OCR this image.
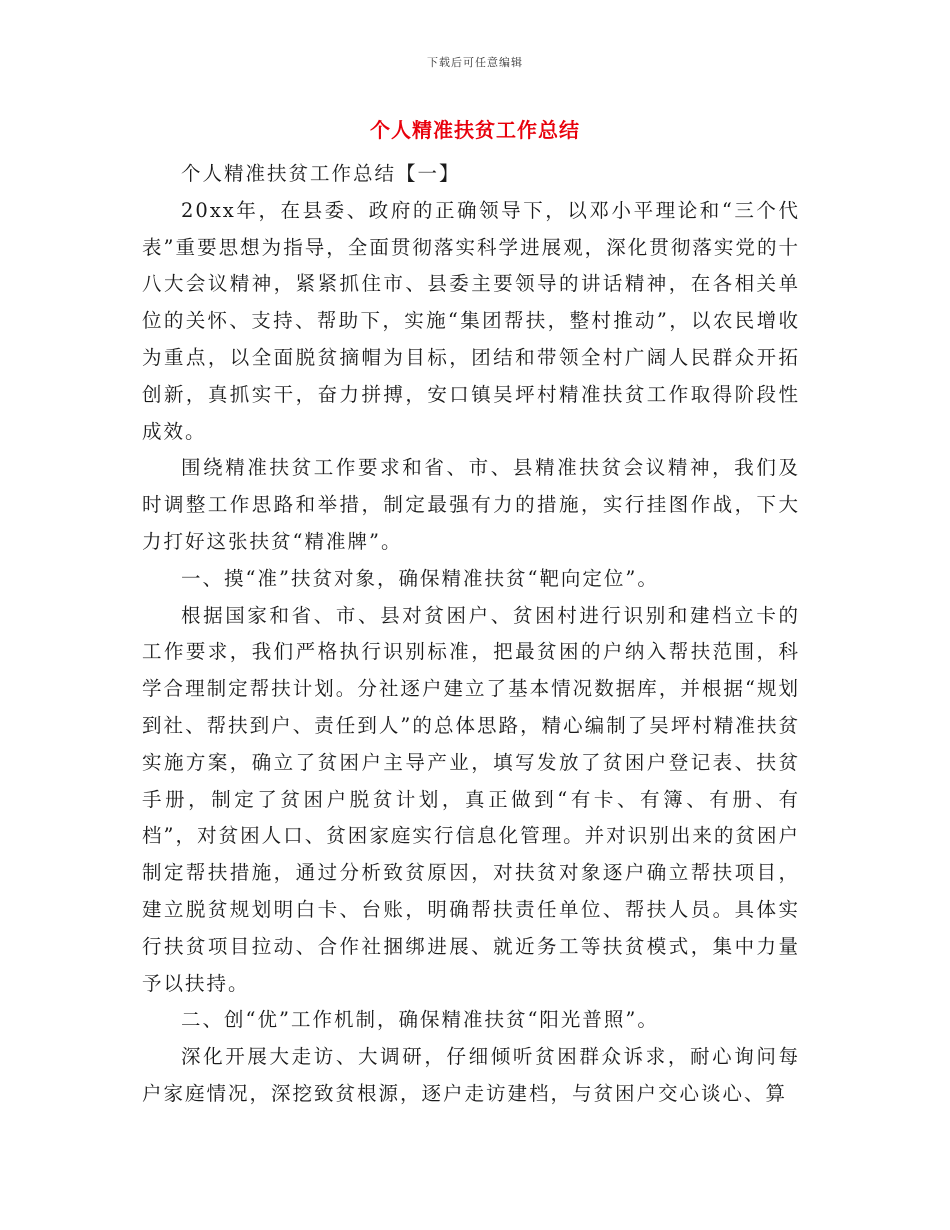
下载后可任意编辑
个人精准扶贫工作总结

个人精准扶贫工作总结【一】

20xx年，在县委、政府的正确领导下，以邓小平理论和“三个代表”重要思想为指导，全面贯彻落实科学进展观，深化贯彻落实党的十八大会议精神，紧紧抓住市、县委主要领导的讲话精神，在各相关单位的关怀、支持、帮助下，实施“集团帮扶，整村推动”，以农民增收为重点，以全面脱贫摘帽为目标，团结和带领全村广阔人民群众开拓创新，真抓实干，奋力拼搏，安口镇吴坪村精准扶贫工作取得阶段性成效。

围绕精准扶贫工作要求和省、市、县精准扶贫会议精神，我们及时调整工作思路和举措，制定最强有力的措施，实行挂图作战，下大力打好这张扶贫“精准牌”。

一、摸“准”扶贫对象，确保精准扶贫“靶向定位”。

根据国家和省、市、县对贫困户、贫困村进行识别和建档立卡的工作要求，我们严格执行识别标准，把最贫困的户纳入帮扶范围，科学合理制定帮扶计划。分社逐户建立了基本情况数据库，并根据“规划到社、帮扶到户、责任到人”的总体思路，精心编制了吴坪村精准扶贫实施方案，确立了贫困户主导产业，填写发放了贫困户登记表、扶贫手册，制定了贫困户脱贫计划，真正做到“有卡、有簿、有册、有档”，对贫困人口、贫困家庭实行信息化管理。并对识别出来的贫困户制定帮扶措施，通过分析致贫原因，对扶贫对象逐户确立帮扶项目，建立脱贫规划明白卡、台账，明确帮扶责任单位、帮扶人员。具体实行扶贫项目拉动、合作社捆绑进展、就近务工等扶贫模式，集中力量予以扶持。

二、创“优”工作机制，确保精准扶贫“阳光普照”。

深化开展大走访、大调研，仔细倾听贫困群众诉求，耐心询问每户家庭情况，深挖致贫根源，逐户走访建档，与贫困户交心谈心、算
